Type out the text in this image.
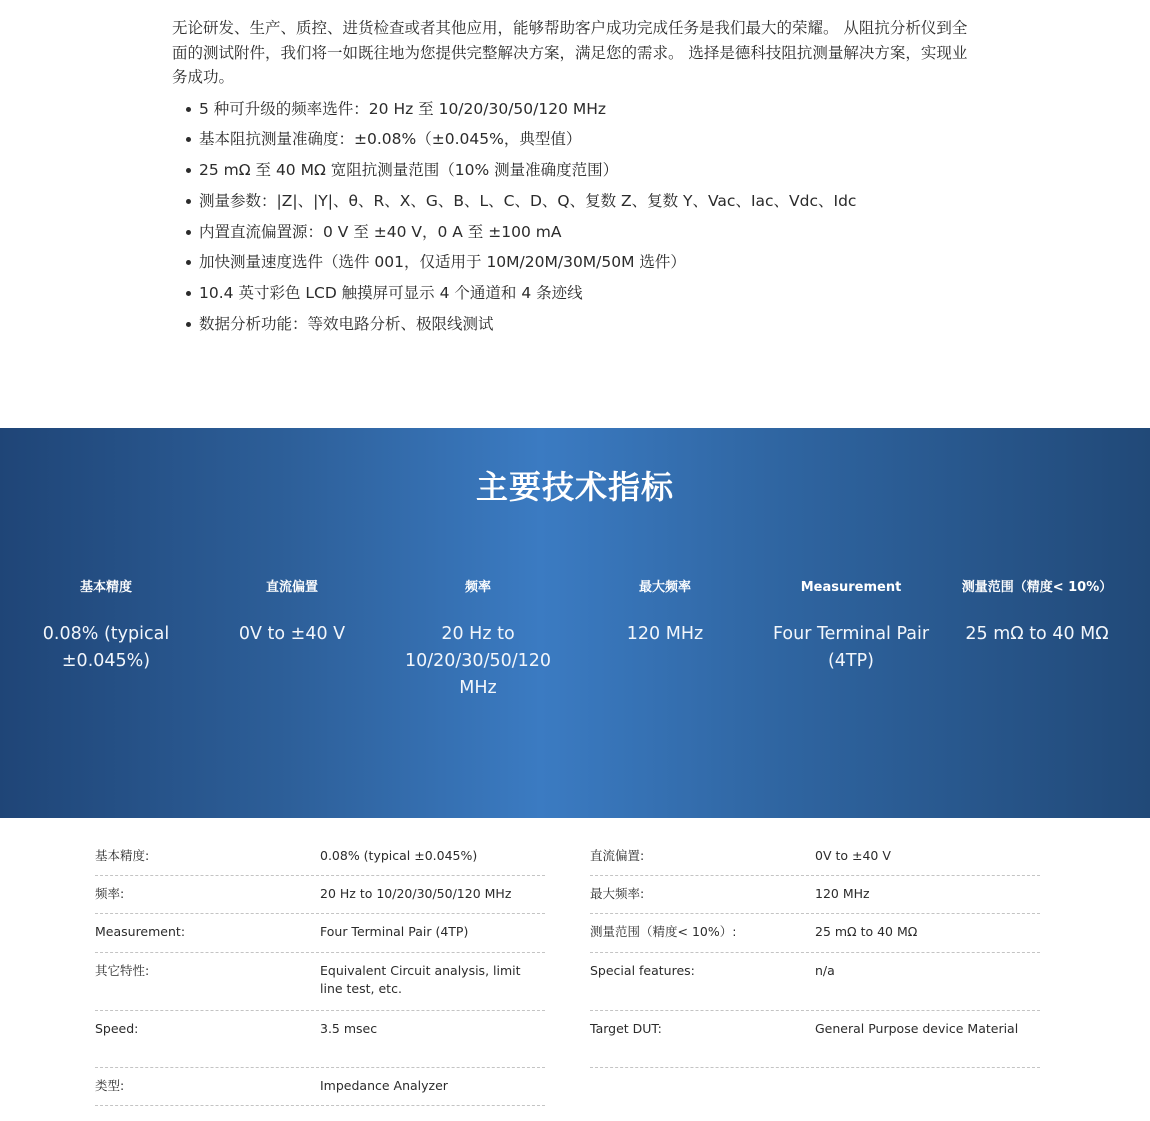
无论研发、生产、质控、进货检查或者其他应用，能够帮助客户成功完成任务是我们最大的荣耀。 从阻抗分析仪到全面的测试附件，我们将一如既往地为您提供完整解决方案，满足您的需求。 选择是德科技阻抗测量解决方案，实现业务成功。

5 种可升级的频率选件：20 Hz 至 10/20/30/50/120 MHz
基本阻抗测量准确度：±0.08%（±0.045%，典型值）
25 mΩ 至 40 MΩ 宽阻抗测量范围（10% 测量准确度范围）
测量参数：|Z|、|Y|、θ、R、X、G、B、L、C、D、Q、复数 Z、复数 Y、Vac、Iac、Vdc、Idc
内置直流偏置源：0 V 至 ±40 V，0 A 至 ±100 mA
加快测量速度选件（选件 001，仅适用于 10M/20M/30M/50M 选件）
10.4 英寸彩色 LCD 触摸屏可显示 4 个通道和 4 条迹线
数据分析功能：等效电路分析、极限线测试
主要技术指标
基本精度
0.08% (typical ±0.045%)
直流偏置
0V to ±40 V
频率
20 Hz to 10/20/30/50/120 MHz
最大频率
120 MHz
Measurement
Four Terminal Pair (4TP)
测量范围（精度< 10%）
25 mΩ to 40 MΩ
基本精度:	0.08% (typical ±0.045%)
频率:	20 Hz to 10/20/30/50/120 MHz
Measurement:	Four Terminal Pair (4TP)
其它特性:	Equivalent Circuit analysis, limit line test, etc.
Speed:	3.5 msec
类型:	Impedance Analyzer
直流偏置:	0V to ±40 V
最大频率:	120 MHz
测量范围（精度< 10%）:	25 mΩ to 40 MΩ
Special features:	n/a
Target DUT:	General Purpose device Material
